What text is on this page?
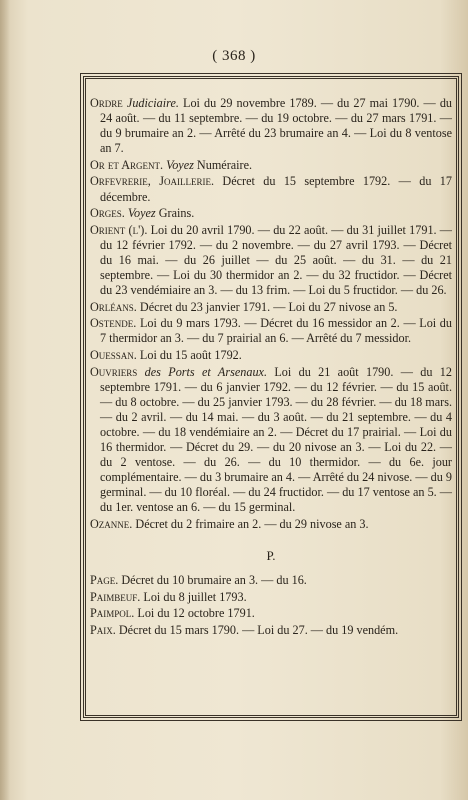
( 368 )

Ordre Judiciaire. Loi du 29 novembre 1789. — du 27 mai 1790. — du 24 août. — du 11 septembre. — du 19 octobre. — du 27 mars 1791. — du 9 brumaire an 2. — Arrêté du 23 brumaire an 4. — Loi du 8 ventose an 7.

Or et Argent. Voyez Numéraire.

Orfevrerie, Joaillerie. Décret du 15 septembre 1792. — du 17 décembre.

Orges. Voyez Grains.

Orient (l'). Loi du 20 avril 1790. — du 22 août. — du 31 juillet 1791. — du 12 février 1792. — du 2 novembre. — du 27 avril 1793. — Décret du 16 mai. — du 26 juillet — du 25 août. — du 31. — du 21 septembre. — Loi du 30 thermidor an 2. — du 32 fructidor. — Décret du 23 vendémiaire an 3. — du 13 frim. — Loi du 5 fructidor. — du 26.

Orléans. Décret du 23 janvier 1791. — Loi du 27 nivose an 5.

Ostende. Loi du 9 mars 1793. — Décret du 16 messidor an 2. — Loi du 7 thermidor an 3. — du 7 prairial an 6. — Arrêté du 7 messidor.

Ouessan. Loi du 15 août 1792.

Ouvriers des Ports et Arsenaux. Loi du 21 août 1790. — du 12 septembre 1791. — du 6 janvier 1792. — du 12 février. — du 15 août. — du 8 octobre. — du 25 janvier 1793. — du 28 février. — du 18 mars. — du 2 avril. — du 14 mai. — du 3 août. — du 21 septembre. — du 4 octobre. — du 18 vendémiaire an 2. — Décret du 17 prairial. — Loi du 16 thermidor. — Décret du 29. — du 20 nivose an 3. — Loi du 22. — du 2 ventose. — du 26. — du 10 thermidor. — du 6e. jour complémentaire. — du 3 brumaire an 4. — Arrêté du 24 nivose. — du 9 germinal. — du 10 floréal. — du 24 fructidor. — du 17 ventose an 5. — du 1er. ventose an 6. — du 15 germinal.

Ozanne. Décret du 2 frimaire an 2. — du 29 nivose an 3.

P.

Page. Décret du 10 brumaire an 3. — du 16.

Paimbeuf. Loi du 8 juillet 1793.

Paimpol. Loi du 12 octobre 1791.

Paix. Décret du 15 mars 1790. — Loi du 27. — du 19 vendém.
